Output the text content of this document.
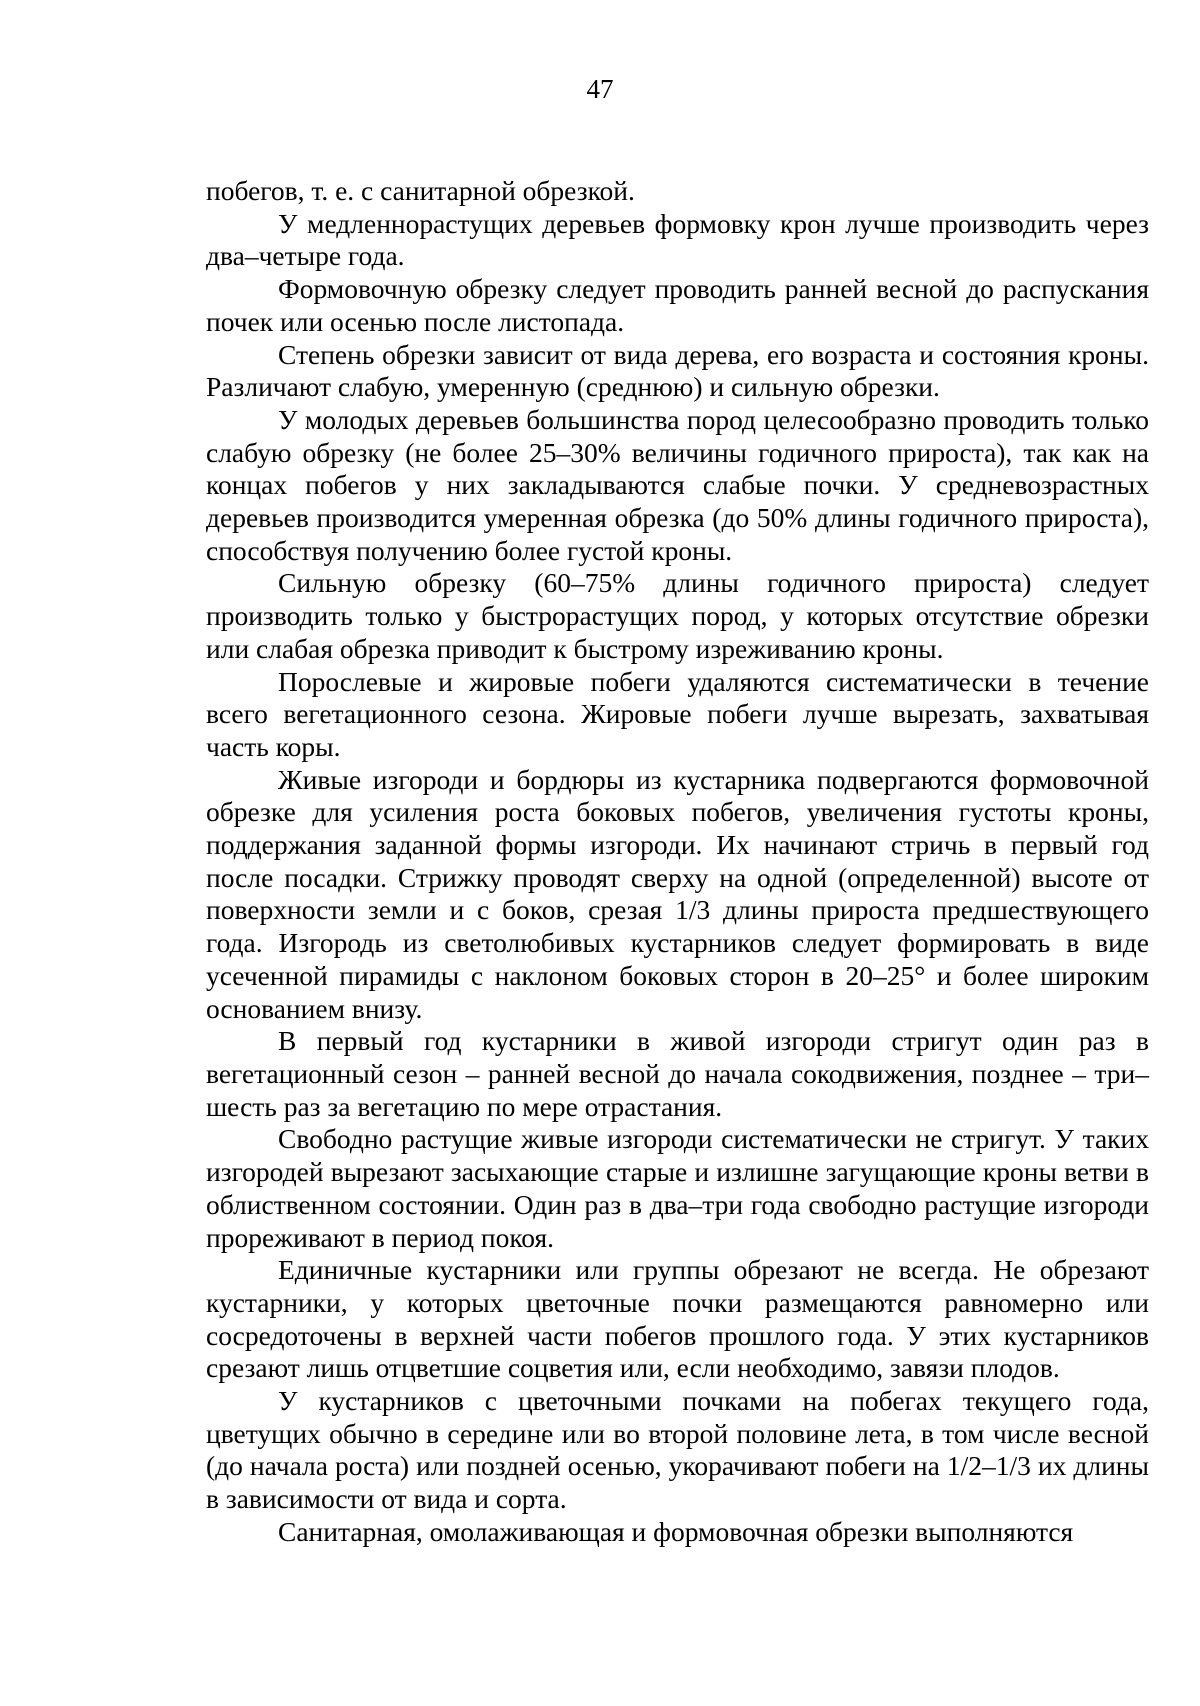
47

побегов, т. е. с санитарной обрезкой.

У медленнорастущих деревьев формовку крон лучше производить через два–четыре года.

Формовочную обрезку следует проводить ранней весной до распускания почек или осенью после листопада.

Степень обрезки зависит от вида дерева, его возраста и состояния кроны. Различают слабую, умеренную (среднюю) и сильную обрезки.

У молодых деревьев большинства пород целесообразно проводить только слабую обрезку (не более 25–30% величины годичного прироста), так как на концах побегов у них закладываются слабые почки. У средневозрастных деревьев производится умеренная обрезка (до 50% длины годичного прироста), способствуя получению более густой кроны.

Сильную обрезку (60–75% длины годичного прироста) следует производить только у быстрорастущих пород, у которых отсутствие обрезки или слабая обрезка приводит к быстрому изреживанию кроны.

Порослевые и жировые побеги удаляются систематически в течение всего вегетационного сезона. Жировые побеги лучше вырезать, захватывая часть коры.

Живые изгороди и бордюры из кустарника подвергаются формовочной обрезке для усиления роста боковых побегов, увеличения густоты кроны, поддержания заданной формы изгороди. Их начинают стричь в первый год после посадки. Стрижку проводят сверху на одной (определенной) высоте от поверхности земли и с боков, срезая 1/3 длины прироста предшествующего года. Изгородь из светолюбивых кустарников следует формировать в виде усеченной пирамиды с наклоном боковых сторон в 20–25° и более широким основанием внизу.

В первый год кустарники в живой изгороди стригут один раз в вегетационный сезон – ранней весной до начала сокодвижения, позднее – три–шесть раз за вегетацию по мере отрастания.

Свободно растущие живые изгороди систематически не стригут. У таких изгородей вырезают засыхающие старые и излишне загущающие кроны ветви в облиственном состоянии. Один раз в два–три года свободно растущие изгороди прореживают в период покоя.

Единичные кустарники или группы обрезают не всегда. Не обрезают кустарники, у которых цветочные почки размещаются равномерно или сосредоточены в верхней части побегов прошлого года. У этих кустарников срезают лишь отцветшие соцветия или, если необходимо, завязи плодов.

У кустарников с цветочными почками на побегах текущего года, цветущих обычно в середине или во второй половине лета, в том числе весной (до начала роста) или поздней осенью, укорачивают побеги на 1/2–1/3 их длины в зависимости от вида и сорта.

Санитарная, омолаживающая и формовочная обрезки выполняются
